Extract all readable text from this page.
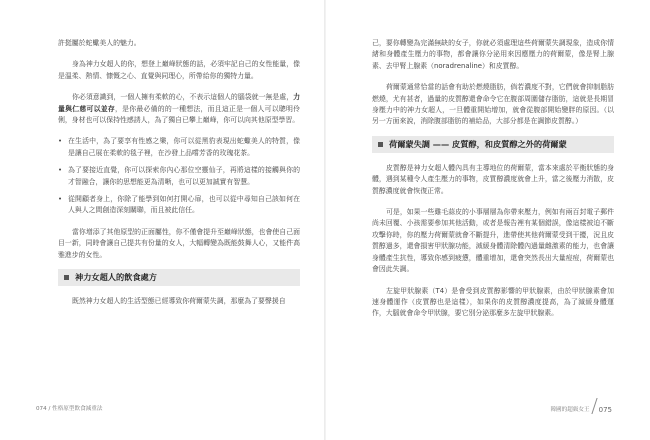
許挺屬於蛇蠍美人的魅力。

身為神力女超人的你，想登上巔峰狀態的話，必須牢記自己的女性能量，像是溫柔、熱情、慷慨之心、直覺與同理心，所帶給你的獨特力量。

你必須意識到，一個人擁有柔軟的心，不表示這個人的腦袋就一無是處，力量與仁慈可以並存，是你最必備的的一種想法，而且這正是一個人可以聰明伶俐，身材也可以保持性感誘人，為了獨自已攀上巔峰，你可以向其他原型學習。

• 在生活中，為了要享有性感之樂，你可以從黑豹表現出蛇蠍美人的特質，像是讓自己展在柔軟的毯子裡，在沙發上品嚐芳香的玫瑰花茶。
• 為了要接近直覺，你可以探索你內心那位空靈仙子，再將這樣的接觸與你的才智融合，讓你的思想能更為清晰，也可以更加誠實有智慧。
• 從開顧者身上，你除了能學到如何打開心扉，也可以從中尋知自己該如何在人與人之間創造深刻關聯，而且被此信任。

當你增添了其他原型的正面屬性，你不僅會提升至巔峰狀態，也會使自己面目一新，同時會讓自己提共有份量的女人，大幅轉變為既能鼓舞人心，又能件高雅進步的女性。

神力女超人的飲食處方

既然神力女超人的生活型態已經導致你荷爾蒙失調，那麼為了要聲援自

074 / 性格原型飲食減重法

己，要你轉變為完滿無缺的女子，你就必須處理這些荷爾蒙失調現象，造成你情緒和身體產生壓力的事物，都會讓你分泌用來因應壓力的荷爾蒙，像是腎上腺素、去甲腎上腺素（noradrenaline）和皮質醇。

荷爾蒙通常恰當的話會有助於燃燒脂肪，倘若濃度不對，它們就會抑制脂肪燃燒，尤有甚者，過量的皮質醇還會命令它在腹部周圍儲存脂肪，這就是長期冒身壓力中的神力女超人，一旦體重開始增加，就會從腹部開始變胖的原因。（以另一方面來說，消除腹部脂肪的補給品，大部分都是在調節皮質醇。）

荷爾蒙失調 —— 皮質醇，和皮質醇之外的荷爾蒙

皮質醇是神力女超人體內具有主導地位的荷爾蒙，當本來處於平衡狀態的身體，遇到某種令人產生壓力的事物，皮質醇濃度就會上升，當之後壓力消散，皮質醇濃度就會恢復正常。

可是，如果一些雞毛蒜皮的小事層層為你帶來壓力，例如有兩百封電子郵件尚未回覆、小孩需要參加其他活動，或者是報告裡有某個錯誤，像這樣被迫不斷攻擊你時，你的壓力荷爾蒙就會不斷提升，進帶使其他荷爾蒙受到干擾，況且皮質醇過多，還會損害甲狀腺功能，減緩身體清除體內過量雌激素的能力，也會讓身體產生抗性，導致你感到疲憊，體重增加，還會突然長出大量痘痘，荷爾蒙也會因此失調。

左旋甲狀腺素（T4）是會受到皮質醇影響的甲狀腺素，由於甲狀腺素會加速身體運作（皮質醇也是這樣），如果你的皮質醇濃度提高，為了減緩身體運作，大腦就會命令甲狀腺，要它別分泌那麼多左旋甲狀腺素。

韓國的超級女王 075
